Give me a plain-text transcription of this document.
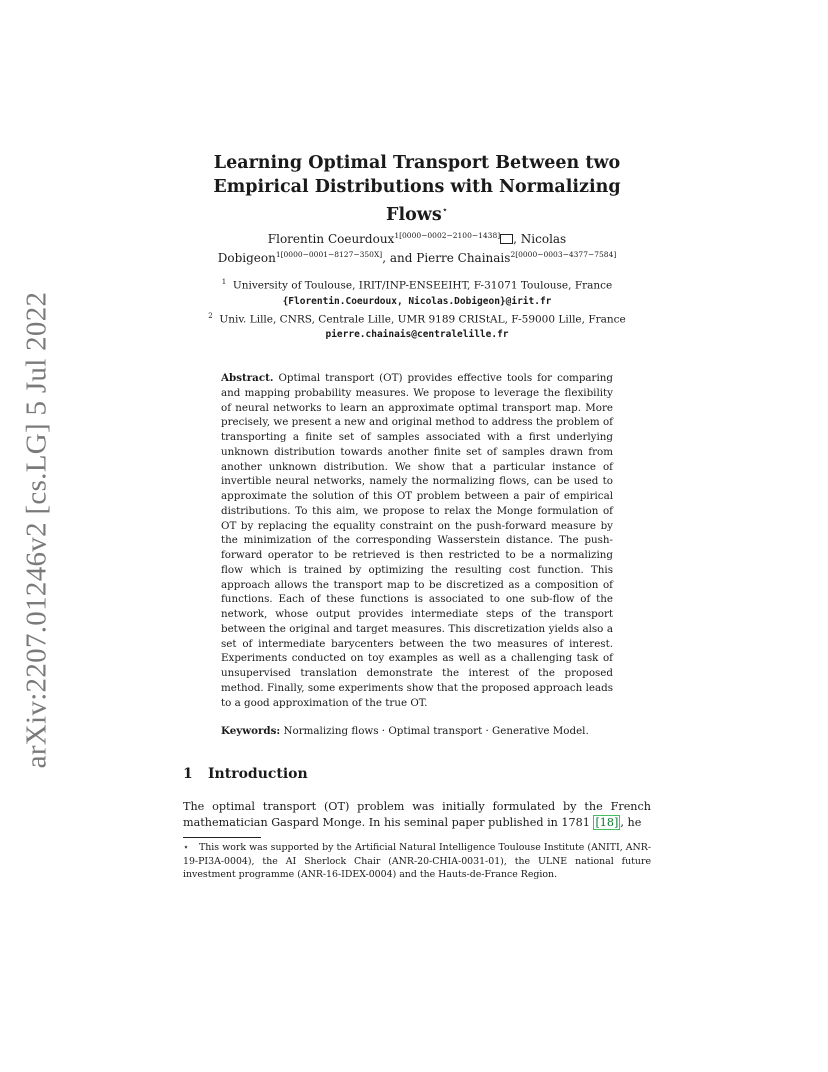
arXiv:2207.01246v2 [cs.LG] 5 Jul 2022
Learning Optimal Transport Between two
Empirical Distributions with Normalizing Flows⋆
Florentin Coeurdoux$^{1[0000-0002-2100-1438]}$ , Nicolas
Dobigeon$^{1[0000-0001-8127-350X]}$, and Pierre Chainais$^{2[0000-0003-4377-7584]}$
$^1$ University of Toulouse, IRIT/INP-ENSEEIHT, F-31071 Toulouse, France
{Florentin.Coeurdoux, Nicolas.Dobigeon}@irit.fr
$^2$ Univ. Lille, CNRS, Centrale Lille, UMR 9189 CRIStAL, F-59000 Lille, France
pierre.chainais@centralelille.fr
Abstract. Optimal transport (OT) provides effective tools for comparing and mapping probability measures. We propose to leverage the flexibility of neural networks to learn an approximate optimal transport map. More precisely, we present a new and original method to address the problem of transporting a finite set of samples associated with a first underlying unknown distribution towards another finite set of samples drawn from another unknown distribution. We show that a particular instance of invertible neural networks, namely the normalizing flows, can be used to approximate the solution of this OT problem between a pair of empirical distributions. To this aim, we propose to relax the Monge formulation of OT by replacing the equality constraint on the push-forward measure by the minimization of the corresponding Wasserstein distance. The push-forward operator to be retrieved is then restricted to be a normalizing flow which is trained by optimizing the resulting cost function. This approach allows the transport map to be discretized as a composition of functions. Each of these functions is associated to one sub-flow of the network, whose output provides intermediate steps of the transport between the original and target measures. This discretization yields also a set of intermediate barycenters between the two measures of interest. Experiments conducted on toy examples as well as a challenging task of unsupervised translation demonstrate the interest of the proposed method. Finally, some experiments show that the proposed approach leads to a good approximation of the true OT.
Keywords: Normalizing flows · Optimal transport · Generative Model.
1 Introduction
The optimal transport (OT) problem was initially formulated by the French mathematician Gaspard Monge. In his seminal paper published in 1781 [18] , he
⋆ This work was supported by the Artificial Natural Intelligence Toulouse Institute (ANITI, ANR-19-PI3A-0004), the AI Sherlock Chair (ANR-20-CHIA-0031-01), the ULNE national future investment programme (ANR-16-IDEX-0004) and the Hauts-de-France Region.
